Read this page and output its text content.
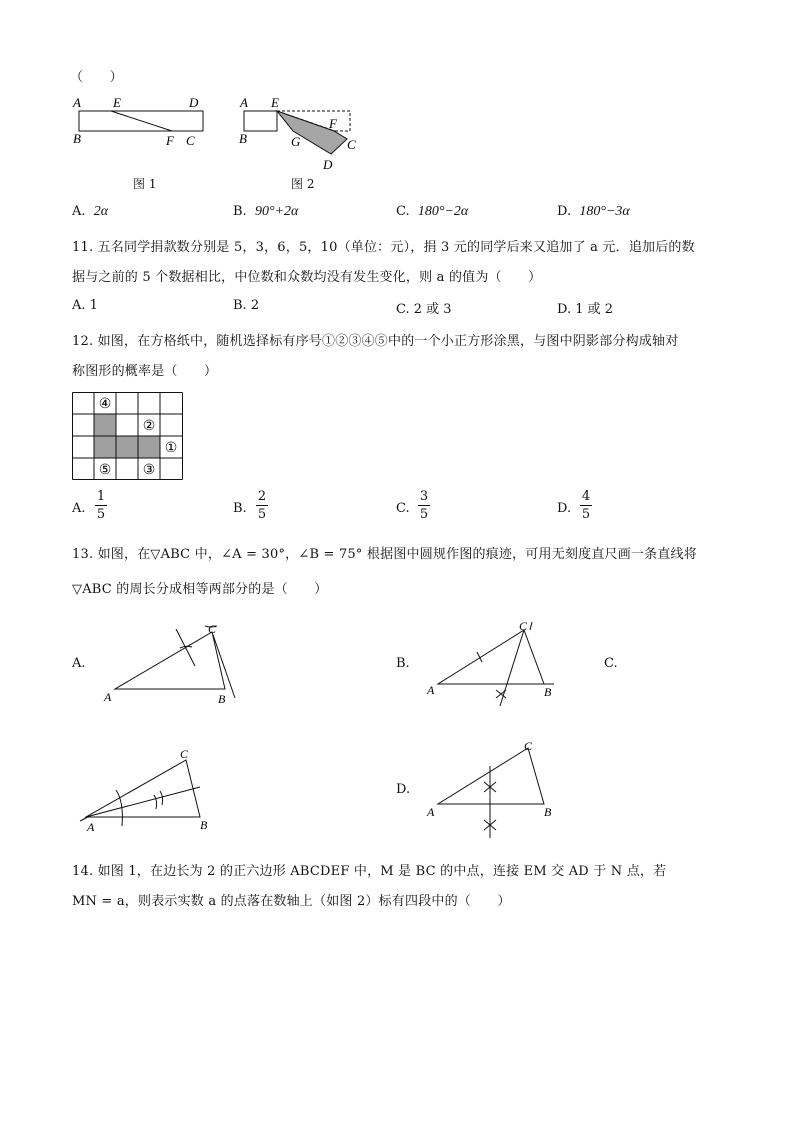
（　　）
A E	D
B	F C
图 1
A E
B
F
G	C
D
图 2
A. 2α	B. 90°+2α	C. 180°−2α	D. 180°−3α
11. 五名同学捐款数分别是 5，3，6，5，10（单位：元），捐 3 元的同学后来又追加了 a 元．追加后的数
据与之前的 5 个数据相比，中位数和众数均没有发生变化，则 a 的值为（　　）
A. 1	B. 2	C. 2 或 3	D. 1 或 2
12. 如图，在方格纸中，随机选择标有序号①②③④⑤中的一个小正方形涂黑，与图中阴影部分构成轴对
称图形的概率是（　　）
④
②
①
⑤ ③
A.
1
5	B.
2
5	C.
3
5	D.
4
5
13. 如图，在▽ABC 中，∠A = 30°，∠B = 75° 根据图中圆规作图的痕迹，可用无刻度直尺画一条直线将
▽ABC 的周长分成相等两部分的是（　　）
A.
A	B
C
B.
A	B
C
C.
A	B
C
D.
A	B
C
14. 如图 1，在边长为 2 的正六边形 ABCDEF 中，M 是 BC 的中点，连接 EM 交 AD 于 N 点，若
MN = a，则表示实数 a 的点落在数轴上（如图 2）标有四段中的（　　）
